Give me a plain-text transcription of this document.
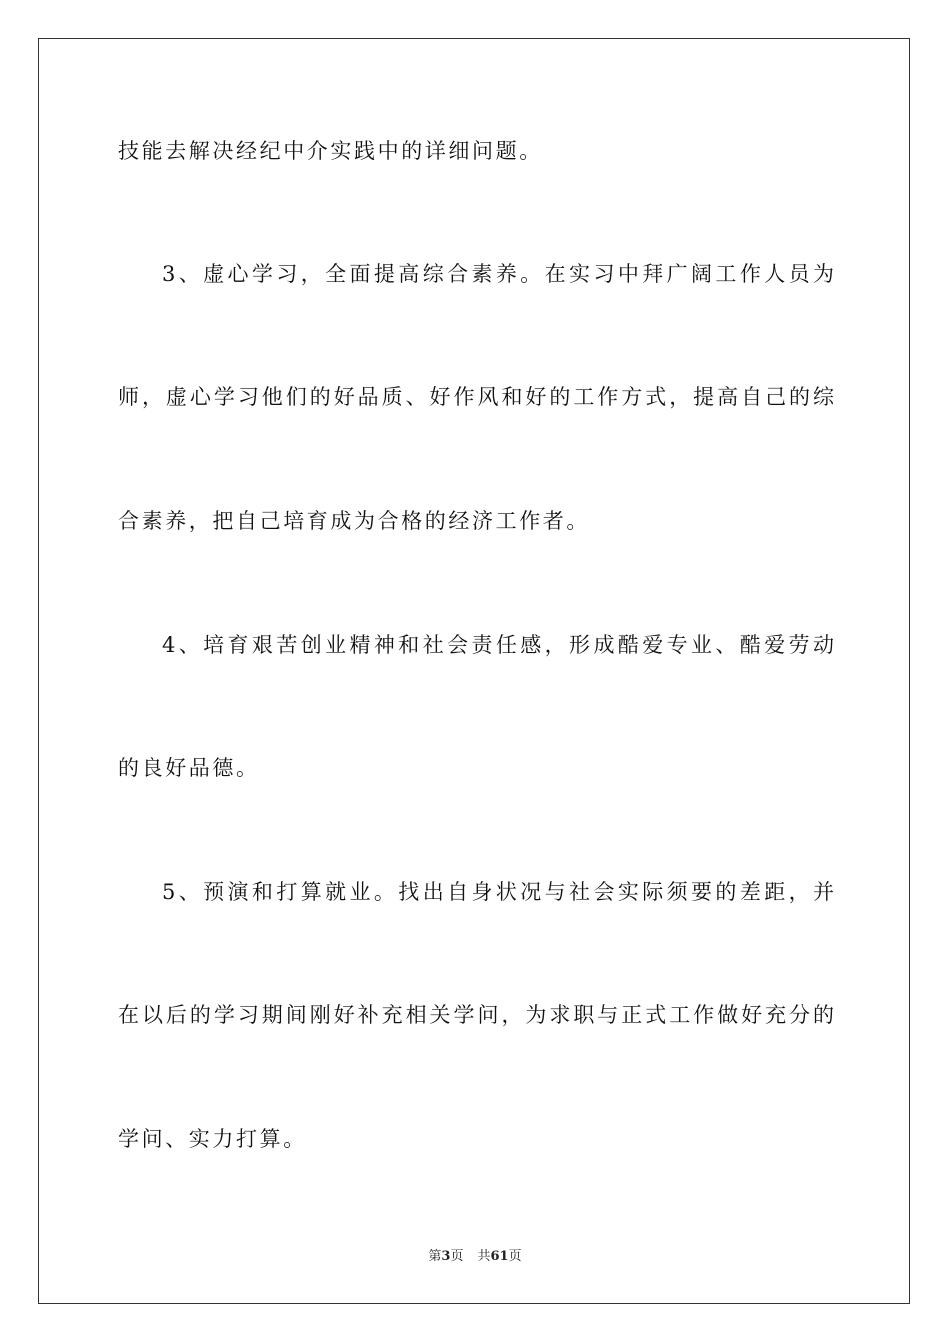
技能去解决经纪中介实践中的详细问题。
3、虚心学习，全面提高综合素养。在实习中拜广阔工作人员为
师，虚心学习他们的好品质、好作风和好的工作方式，提高自己的综
合素养，把自己培育成为合格的经济工作者。
4、培育艰苦创业精神和社会责任感，形成酷爱专业、酷爱劳动
的良好品德。
5、预演和打算就业。找出自身状况与社会实际须要的差距，并
在以后的学习期间刚好补充相关学问，为求职与正式工作做好充分的
学问、实力打算。
第3页 共61页
